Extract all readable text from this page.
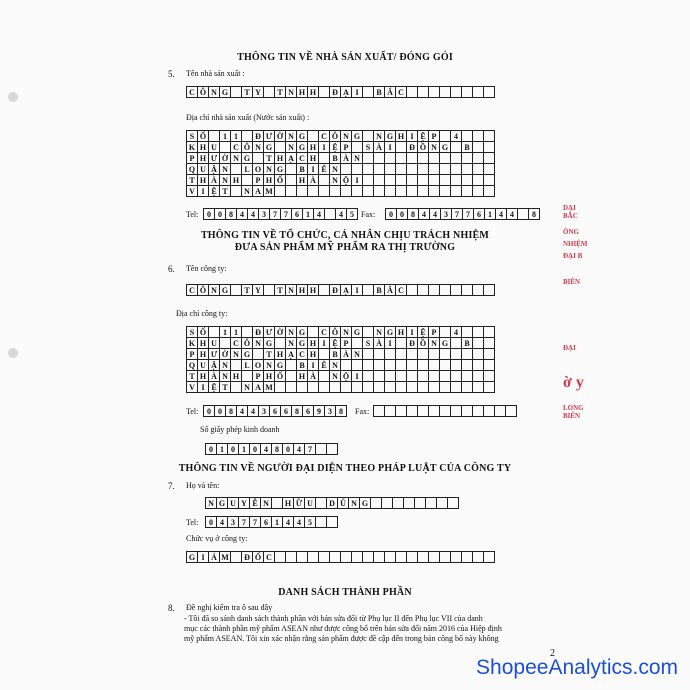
THÔNG TIN VỀ NHÀ SẢN XUẤT/ ĐÓNG GÓI
5. Tên nhà sản xuất :
C Ô N G	T Y	T N H H	Đ Ạ I	B Ắ C
Địa chỉ nhà sản xuất (Nước sản xuất) :
S Ố	1 1	Đ Ư Ờ N G	C Ô N G	N G H I Ệ P	4
K H U	C Ô N G	N G H I Ệ P	S À I	Đ Ồ N G	B
P H Ư Ờ N G	T H Ạ C H	B À N
Q U Ậ N	L O N G	B I Ê N
T H À N H	P H Ố	H À	N Ộ I
V I Ệ T	N A M
Tel:	0 0 8 4 4 3 7 7 6 1 4	4 5 Fax:	0 0 8 4 4 3 7 7 6 1 4 4	8
THÔNG TIN VỀ TỔ CHỨC, CÁ NHÂN CHỊU TRÁCH NHIỆM
ĐƯA SẢN PHẨM MỸ PHẨM RA THỊ TRƯỜNG
6. Tên công ty:
C Ô N G	T Y	T N H H	Đ Ạ I	B Ắ C
Địa chỉ công ty:
S Ố	1 1	Đ Ư Ờ N G	C Ô N G	N G H I Ệ P	4
K H U	C Ô N G	N G H I Ệ P	S À I	Đ Ồ N G	B
P H Ư Ờ N G	T H Ạ C H	B À N
Q U Ậ N	L O N G	B I Ê N
T H À N H	P H Ố	H À	N Ộ I
V I Ệ T	N A M
Tel:	0 0 8 4 4 3 6 6 8 6 9 3 8	Fax:
Số giấy phép kinh doanh
0 1 0 1 0 4 8 0 4 7
THÔNG TIN VỀ NGƯỜI ĐẠI DIỆN THEO PHÁP LUẬT CỦA CÔNG TY
7. Họ và tên:
N G U Y Ễ N	H Ữ U	D Ũ N G
Tel:	0 4 3 7 7 6 1 4 4 5
Chức vụ ở công ty:
G I Á M	Đ Ố C
DANH SÁCH THÀNH PHẦN
8. Đề nghị kiểm tra ô sau đây
- Tôi đã so sánh danh sách thành phần với bản sửa đổi từ Phụ lục II đến Phụ lục VII của danh
mục các thành phần mỹ phẩm ASEAN như được công bố trên bản sửa đổi năm 2016 của Hiệp định
mỹ phẩm ASEAN. Tôi xin xác nhận rằng sản phẩm được đề cập đến trong bản công bố này không
DẠI BẮC
ÔNG
NHIỆM
ĐẠI B
BIÊN
ĐẠI
ờ y
LONG BIÊN
2
ShopeeAnalytics.com
